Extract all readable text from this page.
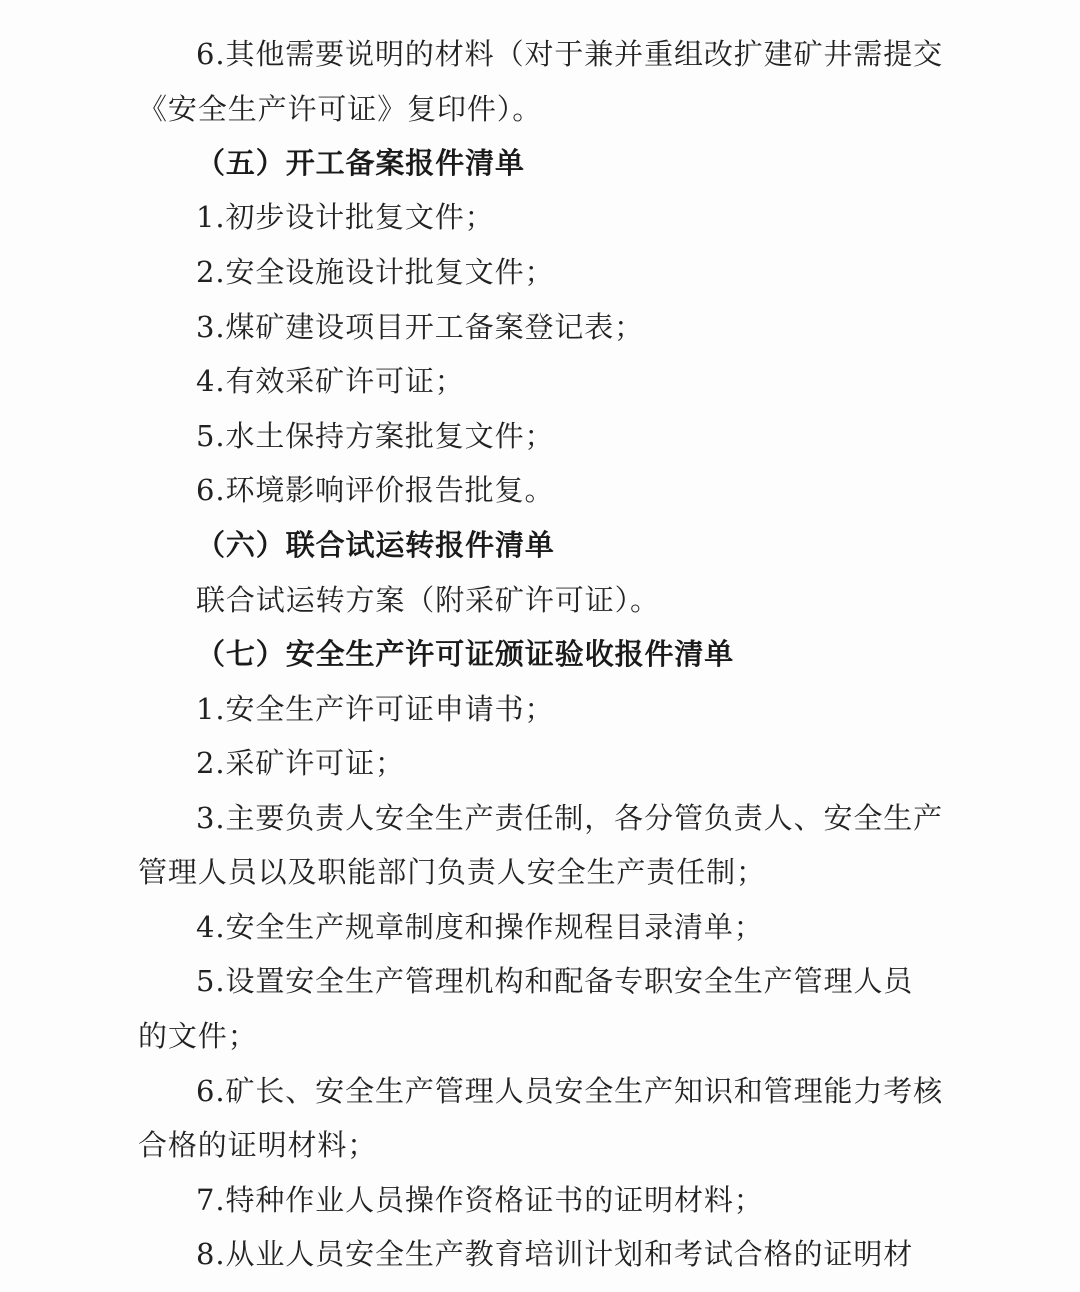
6.其他需要说明的材料（对于兼并重组改扩建矿井需提交
《安全生产许可证》复印件）。
（五）开工备案报件清单
1.初步设计批复文件；
2.安全设施设计批复文件；
3.煤矿建设项目开工备案登记表；
4.有效采矿许可证；
5.水土保持方案批复文件；
6.环境影响评价报告批复。
（六）联合试运转报件清单
联合试运转方案（附采矿许可证）。
（七）安全生产许可证颁证验收报件清单
1.安全生产许可证申请书；
2.采矿许可证；
3.主要负责人安全生产责任制，各分管负责人、安全生产
管理人员以及职能部门负责人安全生产责任制；
4.安全生产规章制度和操作规程目录清单；
5.设置安全生产管理机构和配备专职安全生产管理人员
的文件；
6.矿长、安全生产管理人员安全生产知识和管理能力考核
合格的证明材料；
7.特种作业人员操作资格证书的证明材料；
8.从业人员安全生产教育培训计划和考试合格的证明材
